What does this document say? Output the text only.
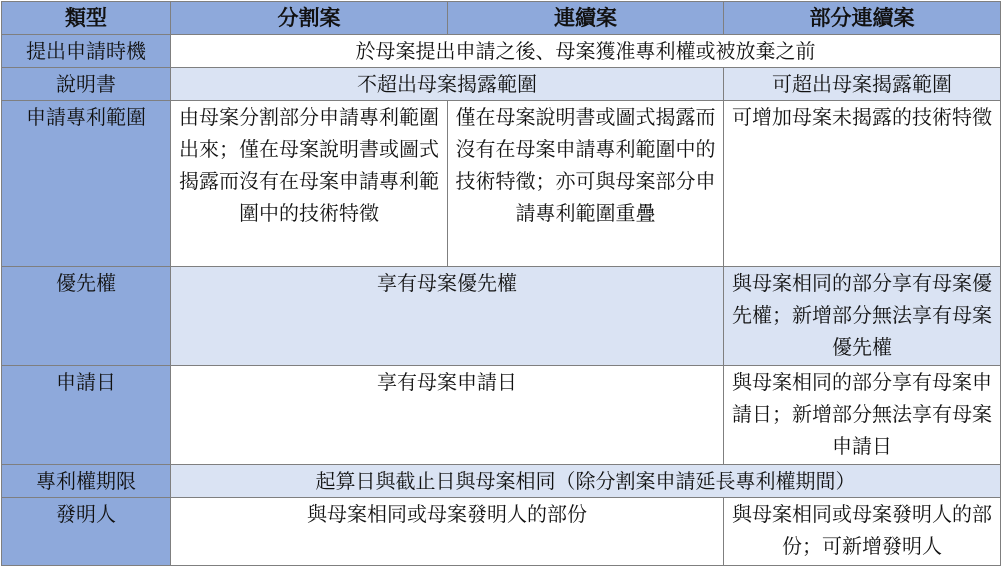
類型	分割案	連續案	部分連續案
提出申請時機	於母案提出申請之後、母案獲准專利權或被放棄之前		
說明書	不超出母案揭露範圍		可超出母案揭露範圍
申請專利範圍	由母案分割部分申請專利範圍出來；僅在母案說明書或圖式揭露而沒有在母案申請專利範圍中的技術特徵	僅在母案說明書或圖式揭露而沒有在母案申請專利範圍中的技術特徵；亦可與母案部分申請專利範圍重疊	可增加母案未揭露的技術特徵
優先權	享有母案優先權		與母案相同的部分享有母案優先權；新增部分無法享有母案優先權
申請日	享有母案申請日		與母案相同的部分享有母案申請日；新增部分無法享有母案申請日
專利權期限	起算日與截止日與母案相同（除分割案申請延長專利權期間）		
發明人	與母案相同或母案發明人的部份		與母案相同或母案發明人的部份；可新增發明人
